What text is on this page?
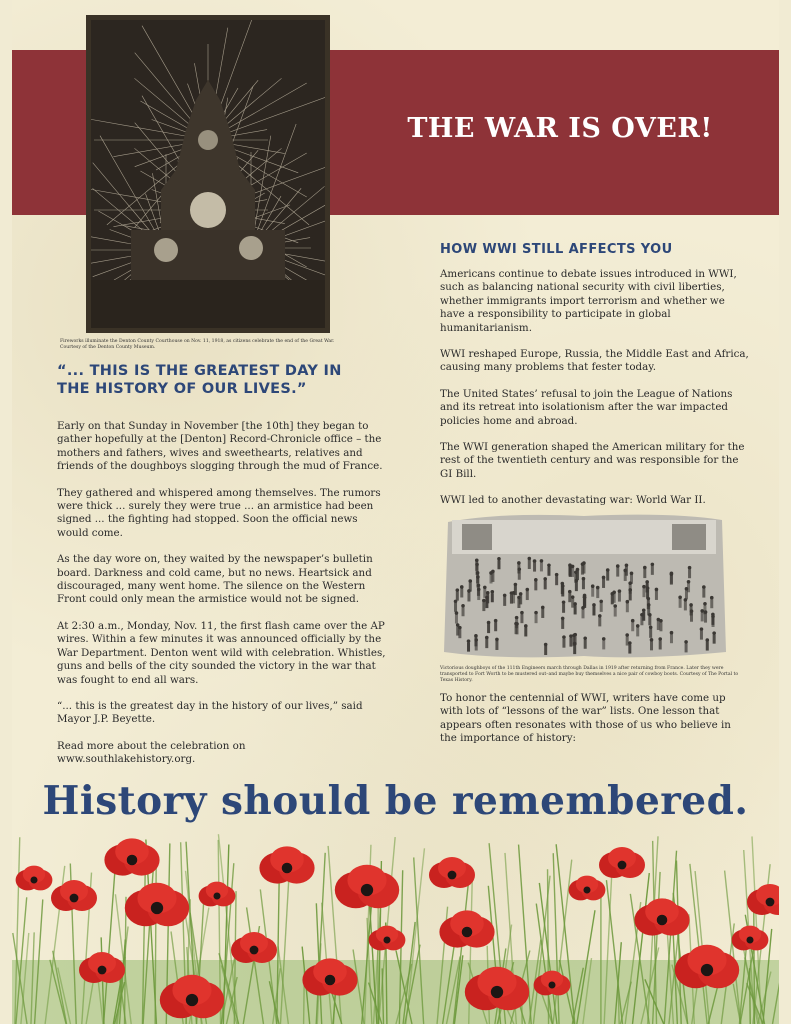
THE WAR IS OVER!
Fireworks illuminate the Denton County Courthouse on Nov. 11, 1918, as citizens celebrate the end of the Great War. Courtesy of the Denton County Museum.
“... THIS IS THE GREATEST DAY IN THE HISTORY OF OUR LIVES.”

Early on that Sunday in November [the 10th] they began to gather hopefully at the [Denton] Record-Chronicle office – the mothers and fathers, wives and sweethearts, relatives and friends of the doughboys slogging through the mud of France.

They gathered and whispered among themselves. The rumors were thick ... surely they were true ... an armistice had been signed ... the fighting had stopped. Soon the official news would come.

As the day wore on, they waited by the newspaper’s bulletin board. Darkness and cold came, but no news. Heartsick and discouraged, many went home. The silence on the Western Front could only mean the armistice would not be signed.

At 2:30 a.m., Monday, Nov. 11, the first flash came over the AP wires. Within a few minutes it was announced officially by the War Department. Denton went wild with celebration. Whistles, guns and bells of the city sounded the victory in the war that was fought to end all wars.

“... this is the greatest day in the history of our lives,” said Mayor J.P. Beyette.

Read more about the celebration on www.southlakehistory.org.

HOW WWI STILL AFFECTS YOU

Americans continue to debate issues introduced in WWI, such as balancing national security with civil liberties, whether immigrants import terrorism and whether we have a responsibility to participate in global humanitarianism.

WWI reshaped Europe, Russia, the Middle East and Africa, causing many problems that fester today.

The United States’ refusal to join the League of Nations and its retreat into isolationism after the war impacted policies home and abroad.

The WWI generation shaped the American military for the rest of the twentieth century and was responsible for the GI Bill.

WWI led to another devastating war: World War II.

Victorious doughboys of the 111th Engineers march through Dallas in 1919 after returning from France. Later they were transported to Fort Worth to be mustered out–and maybe buy themselves a nice pair of cowboy boots. Courtesy of The Portal to Texas History.
To honor the centennial of WWI, writers have come up with lots of “lessons of the war” lists. One lesson that appears often resonates with those of us who believe in the importance of history:
History should be remembered.
